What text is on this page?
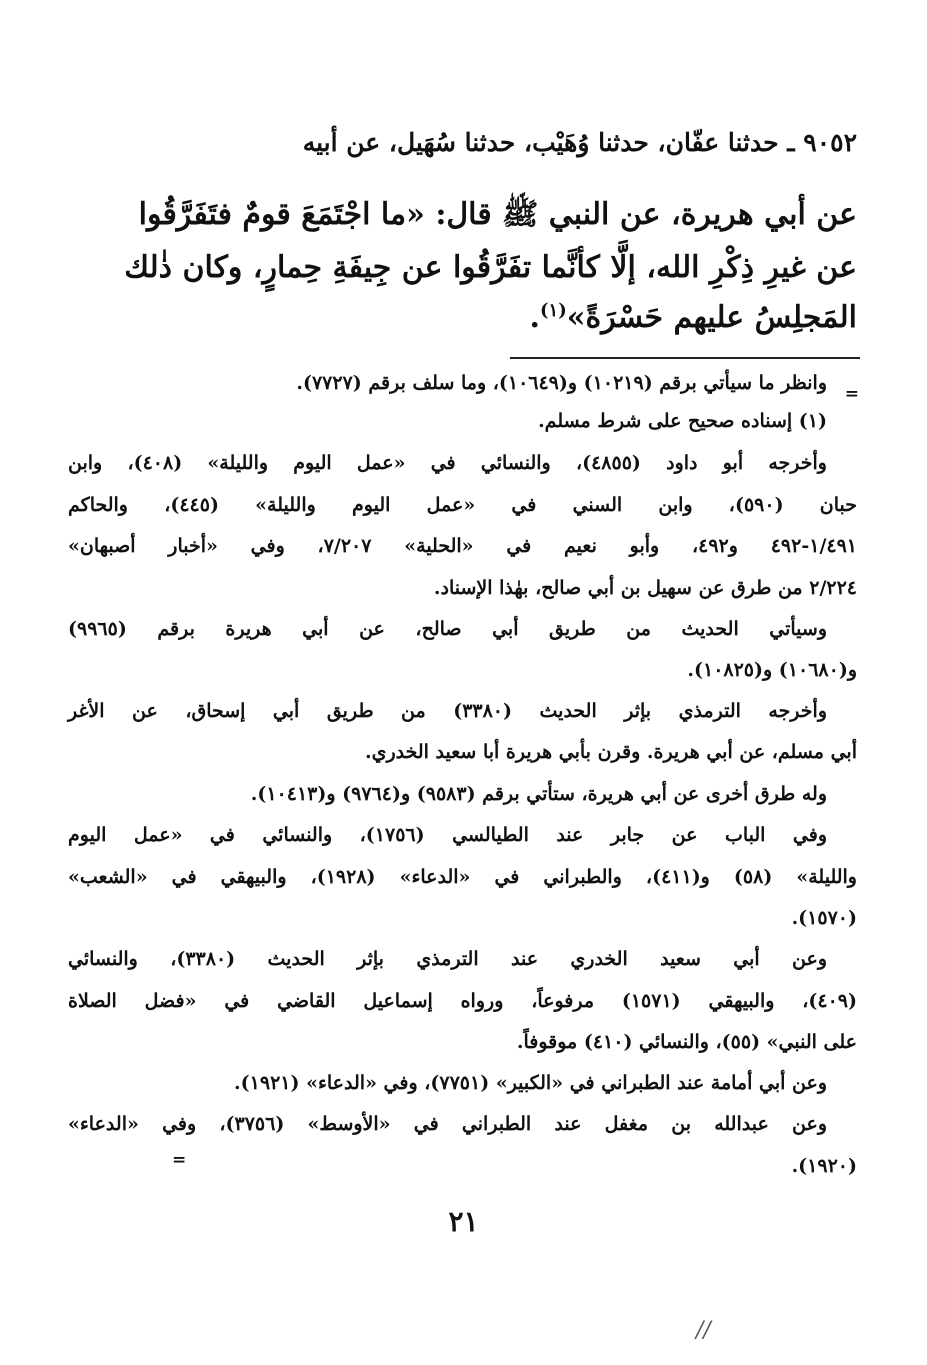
٩٠٥٢ ـ حدثنا عفّان، حدثنا وُهَيْب، حدثنا سُهَيل، عن أبيه
عن أبي هريرة، عن النبي ﷺ قال: «ما اجْتَمَعَ قومٌ فتَفَرَّقُوا
عن غيرِ ذِكْرِ الله، إلَّا كأنَّما تفَرَّقُوا عن جِيفَةِ حِمارٍ، وكان ذٰلك
المَجلِسُ عليهم حَسْرَةً»$^{(١)}$.
=
وانظر ما سيأتي برقم (١٠٢١٩) و(١٠٦٤٩)، وما سلف برقم (٧٧٢٧).
(١) إسناده صحيح على شرط مسلم.
وأخرجه أبو داود (٤٨٥٥)، والنسائي في «عمل اليوم والليلة» (٤٠٨)، وابن
حبان (٥٩٠)، وابن السني في «عمل اليوم والليلة» (٤٤٥)، والحاكم
١/٤٩١-٤٩٢ و٤٩٢، وأبو نعيم في «الحلية» ٧/٢٠٧، وفي «أخبار أصبهان»
٢/٢٢٤ من طرق عن سهيل بن أبي صالح، بهٰذا الإسناد.
وسيأتي الحديث من طريق أبي صالح، عن أبي هريرة برقم (٩٩٦٥)
و(١٠٦٨٠) و(١٠٨٢٥).
وأخرجه الترمذي بإثر الحديث (٣٣٨٠) من طريق أبي إسحاق، عن الأغر
أبي مسلم، عن أبي هريرة. وقرن بأبي هريرة أبا سعيد الخدري.
وله طرق أخرى عن أبي هريرة، ستأتي برقم (٩٥٨٣) و(٩٧٦٤) و(١٠٤١٣).
وفي الباب عن جابر عند الطيالسي (١٧٥٦)، والنسائي في «عمل اليوم
والليلة» (٥٨) و(٤١١)، والطبراني في «الدعاء» (١٩٢٨)، والبيهقي في «الشعب»
(١٥٧٠).
وعن أبي سعيد الخدري عند الترمذي بإثر الحديث (٣٣٨٠)، والنسائي
(٤٠٩)، والبيهقي (١٥٧١) مرفوعاً، ورواه إسماعيل القاضي في «فضل الصلاة
على النبي» (٥٥)، والنسائي (٤١٠) موقوفاً.
وعن أبي أمامة عند الطبراني في «الكبير» (٧٧٥١)، وفي «الدعاء» (١٩٢١).
وعن عبدالله بن مغفل عند الطبراني في «الأوسط» (٣٧٥٦)، وفي «الدعاء»
(١٩٢٠).
=
٢١
//
